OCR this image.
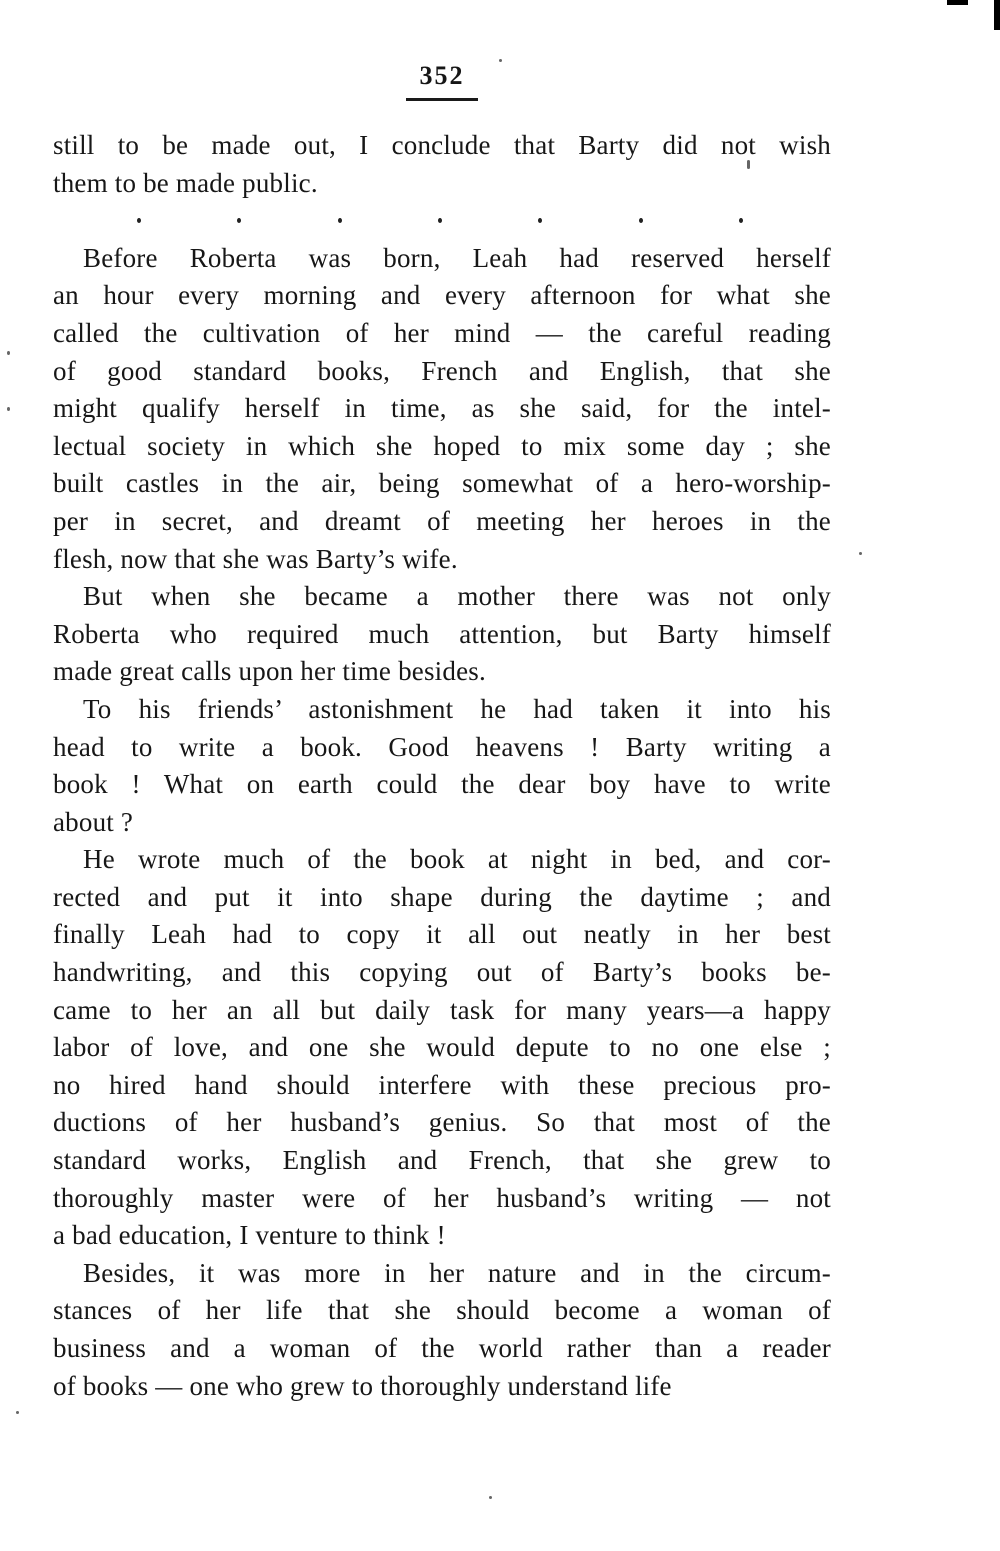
352
still to be made out, I conclude that Barty did not wish
them to be made public.
Before Roberta was born, Leah had reserved herself
an hour every morning and every afternoon for what she
called the cultivation of her mind — the careful reading
of good standard books, French and English, that she
might qualify herself in time, as she said, for the intel-
lectual society in which she hoped to mix some day ; she
built castles in the air, being somewhat of a hero-worship-
per in secret, and dreamt of meeting her heroes in the
flesh, now that she was Barty’s wife.
But when she became a mother there was not only
Roberta who required much attention, but Barty himself
made great calls upon her time besides.
To his friends’ astonishment he had taken it into his
head to write a book. Good heavens ! Barty writing a
book ! What on earth could the dear boy have to write
about ?
He wrote much of the book at night in bed, and cor-
rected and put it into shape during the daytime ; and
finally Leah had to copy it all out neatly in her best
handwriting, and this copying out of Barty’s books be-
came to her an all but daily task for many years—a happy
labor of love, and one she would depute to no one else ;
no hired hand should interfere with these precious pro-
ductions of her husband’s genius. So that most of the
standard works, English and French, that she grew to
thoroughly master were of her husband’s writing — not
a bad education, I venture to think !
Besides, it was more in her nature and in the circum-
stances of her life that she should become a woman of
business and a woman of the world rather than a reader
of books — one who grew to thoroughly understand life
